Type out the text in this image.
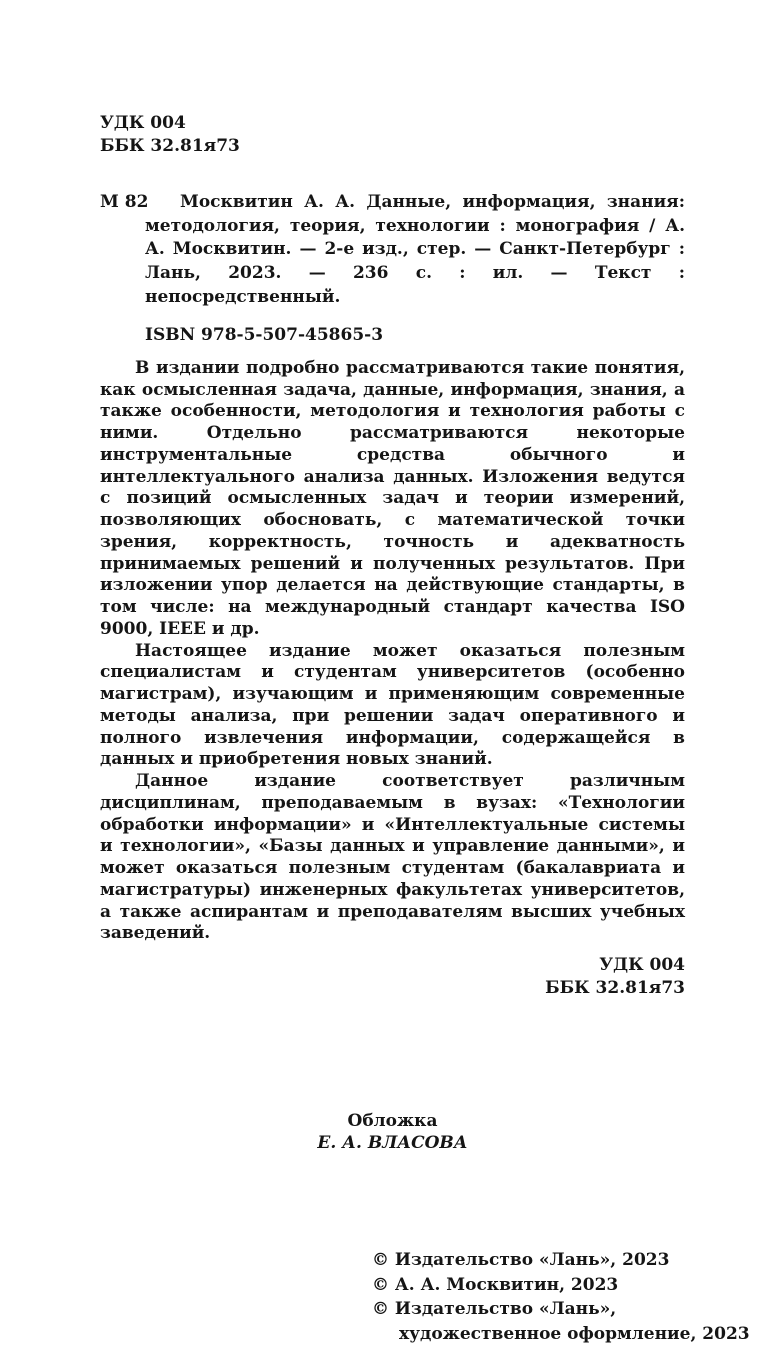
УДК 004
ББК 32.81я73
М 82	Москвитин А. А. Данные, информация, знания: методология, теория, технологии : монография / А. А. Москвитин. — 2-е изд., стер. — Санкт-Петербург : Лань, 2023. — 236 с. : ил. — Текст : непосредственный.

ISBN 978-5-507-45865-3

В издании подробно рассматриваются такие понятия, как осмысленная задача, данные, информация, знания, а также особенности, методология и технология работы с ними. Отдельно рассматриваются некоторые инструментальные средства обычного и интеллектуального анализа данных. Изложения ведутся с позиций осмысленных задач и теории измерений, позволяющих обосновать, с математической точки зрения, корректность, точность и адекватность принимаемых решений и полученных результатов. При изложении упор делается на действующие стандарты, в том числе: на международный стандарт качества ISO 9000, IEEE и др.

Настоящее издание может оказаться полезным специалистам и студентам университетов (особенно магистрам), изучающим и применяющим современные методы анализа, при решении задач оперативного и полного извлечения информации, содержащейся в данных и приобретения новых знаний.

Данное издание соответствует различным дисциплинам, преподаваемым в вузах: «Технологии обработки информации» и «Интеллектуальные системы и технологии», «Базы данных и управление данными», и может оказаться полезным студентам (бакалавриата и магистратуры) инженерных факультетах университетов, а также аспирантам и преподавателям высших учебных заведений.

УДК 004
ББК 32.81я73
Обложка
Е. А. ВЛАСОВА
© Издательство «Лань», 2023
© А. А. Москвитин, 2023
© Издательство «Лань»,
художественное оформление, 2023
